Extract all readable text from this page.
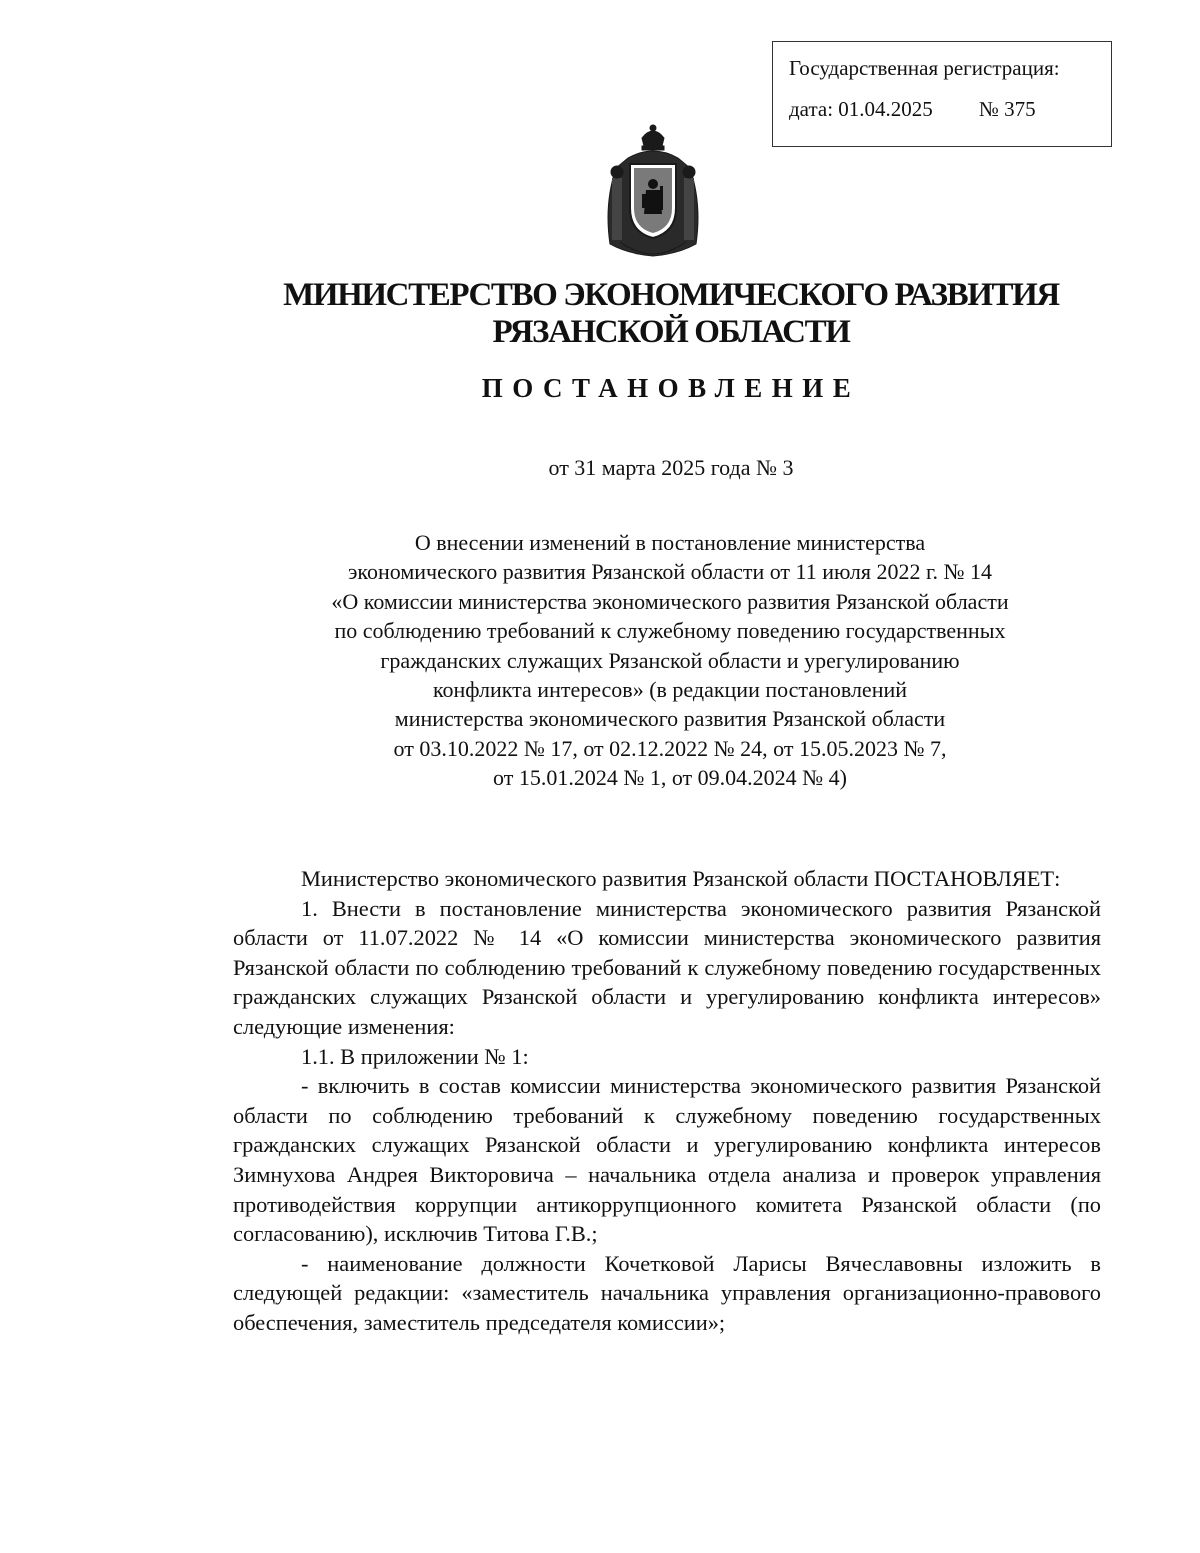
Государственная регистрация:
дата: 01.04.2025 № 375
МИНИСТЕРСТВО ЭКОНОМИЧЕСКОГО РАЗВИТИЯ
РЯЗАНСКОЙ ОБЛАСТИ
ПОСТАНОВЛЕНИЕ
от 31 марта 2025 года № 3
О внесении изменений в постановление министерства
экономического развития Рязанской области от 11 июля 2022 г. № 14
«О комиссии министерства экономического развития Рязанской области
по соблюдению требований к служебному поведению государственных
гражданских служащих Рязанской области и урегулированию
конфликта интересов» (в редакции постановлений
министерства экономического развития Рязанской области
от 03.10.2022 № 17, от 02.12.2022 № 24, от 15.05.2023 № 7,
от 15.01.2024 № 1, от 09.04.2024 № 4)

Министерство экономического развития Рязанской области ПОСТАНОВЛЯЕТ:

1. Внести в постановление министерства экономического развития Рязанской области от 11.07.2022 № 14 «О комиссии министерства экономического развития Рязанской области по соблюдению требований к служебному поведению государственных гражданских служащих Рязанской области и урегулированию конфликта интересов» следующие изменения:

1.1. В приложении № 1:

- включить в состав комиссии министерства экономического развития Рязанской области по соблюдению требований к служебному поведению государственных гражданских служащих Рязанской области и урегулированию конфликта интересов Зимнухова Андрея Викторовича – начальника отдела анализа и проверок управления противодействия коррупции антикоррупционного комитета Рязанской области (по согласованию), исключив Титова Г.В.;

- наименование должности Кочетковой Ларисы Вячеславовны изложить в следующей редакции: «заместитель начальника управления организационно-правового обеспечения, заместитель председателя комиссии»;
